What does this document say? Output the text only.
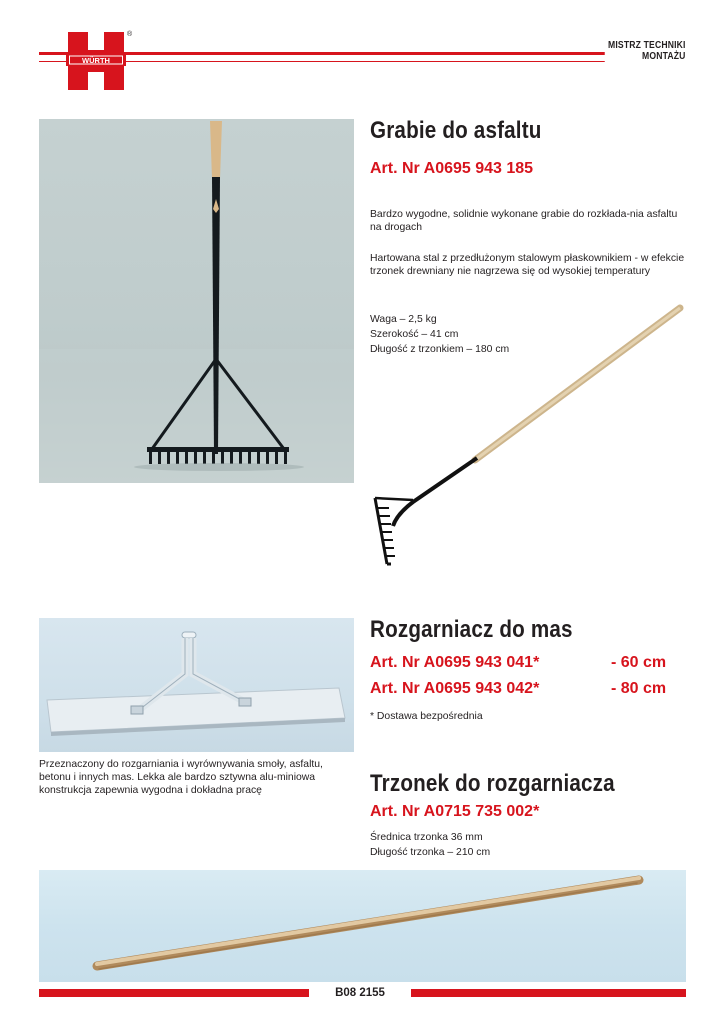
WÜRTH
®
MISTRZ TECHNIKI
MONTAŻU
Grabie do asfaltu
Art. Nr A0695 943 185
Bardzo wygodne, solidnie wykonane grabie do rozkłada-nia asfaltu na drogach
Hartowana stal z przedłużonym stalowym płaskownikiem - w efekcie trzonek drewniany nie nagrzewa się od wysokiej temperatury
Waga – 2,5 kg
Szerokość – 41 cm
Długość z trzonkiem – 180 cm
Przeznaczony do rozgarniania i wyrównywania smoły, asfaltu, betonu i innych mas. Lekka ale bardzo sztywna alu-miniowa konstrukcja zapewnia wygodna i dokładna pracę
Rozgarniacz do mas
Art. Nr A0695 943 041*	- 60 cm
Art. Nr A0695 943 042*	- 80 cm
* Dostawa bezpośrednia
Trzonek do rozgarniacza
Art. Nr A0715 735 002*
Średnica trzonka 36 mm
Długość trzonka – 210 cm
B08 2155
